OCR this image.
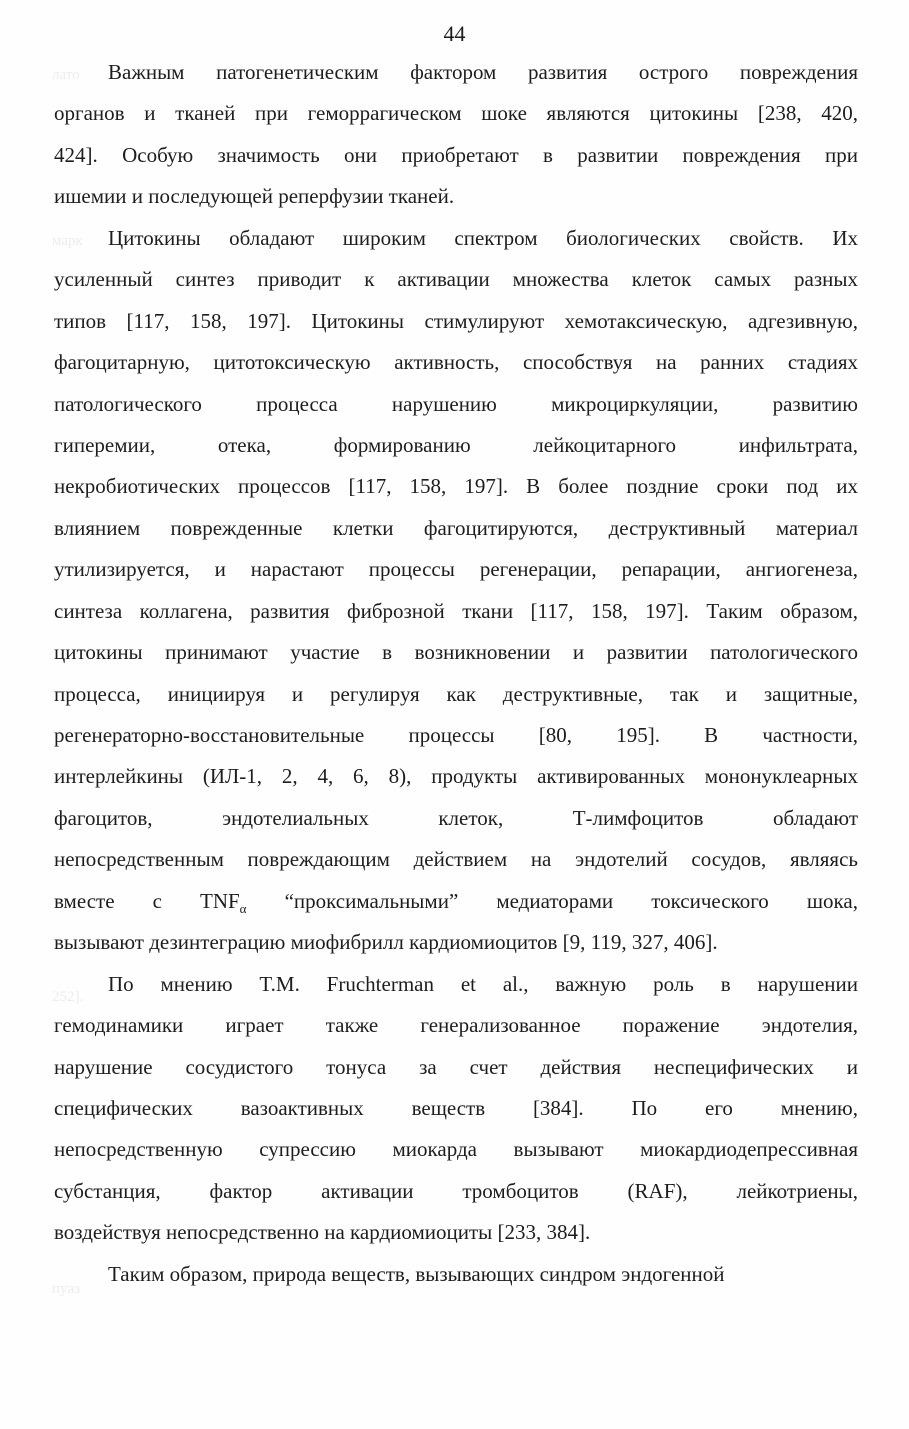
44
лато
марк
252].
пуаз
Важным патогенетическим фактором развития острого повреждения
органов и тканей при геморрагическом шоке являются цитокины [238, 420,
424]. Особую значимость они приобретают в развитии повреждения при
ишемии и последующей реперфузии тканей.
Цитокины обладают широким спектром биологических свойств. Их
усиленный синтез приводит к активации множества клеток самых разных
типов [117, 158, 197]. Цитокины стимулируют хемотаксическую, адгезивную,
фагоцитарную, цитотоксическую активность, способствуя на ранних стадиях
патологического процесса нарушению микроциркуляции, развитию
гиперемии, отека, формированию лейкоцитарного инфильтрата,
некробиотических процессов [117, 158, 197]. В более поздние сроки под их
влиянием поврежденные клетки фагоцитируются, деструктивный материал
утилизируется, и нарастают процессы регенерации, репарации, ангиогенеза,
синтеза коллагена, развития фиброзной ткани [117, 158, 197]. Таким образом,
цитокины принимают участие в возникновении и развитии патологического
процесса, инициируя и регулируя как деструктивные, так и защитные,
регенераторно-восстановительные процессы [80, 195]. В частности,
интерлейкины (ИЛ-1, 2, 4, 6, 8), продукты активированных мононуклеарных
фагоцитов, эндотелиальных клеток, Т-лимфоцитов обладают
непосредственным повреждающим действием на эндотелий сосудов, являясь
вместе с $TNF_\alpha$ “проксимальными” медиаторами токсического шока,
вызывают дезинтеграцию миофибрилл кардиомиоцитов [9, 119, 327, 406].
По мнению T.M. Fruchterman et al., важную роль в нарушении
гемодинамики играет также генерализованное поражение эндотелия,
нарушение сосудистого тонуса за счет действия неспецифических и
специфических вазоактивных веществ [384]. По его мнению,
непосредственную супрессию миокарда вызывают миокардиодепрессивная
субстанция, фактор активации тромбоцитов (RAF), лейкотриены,
воздействуя непосредственно на кардиомиоциты [233, 384].
Таким образом, природа веществ, вызывающих синдром эндогенной
